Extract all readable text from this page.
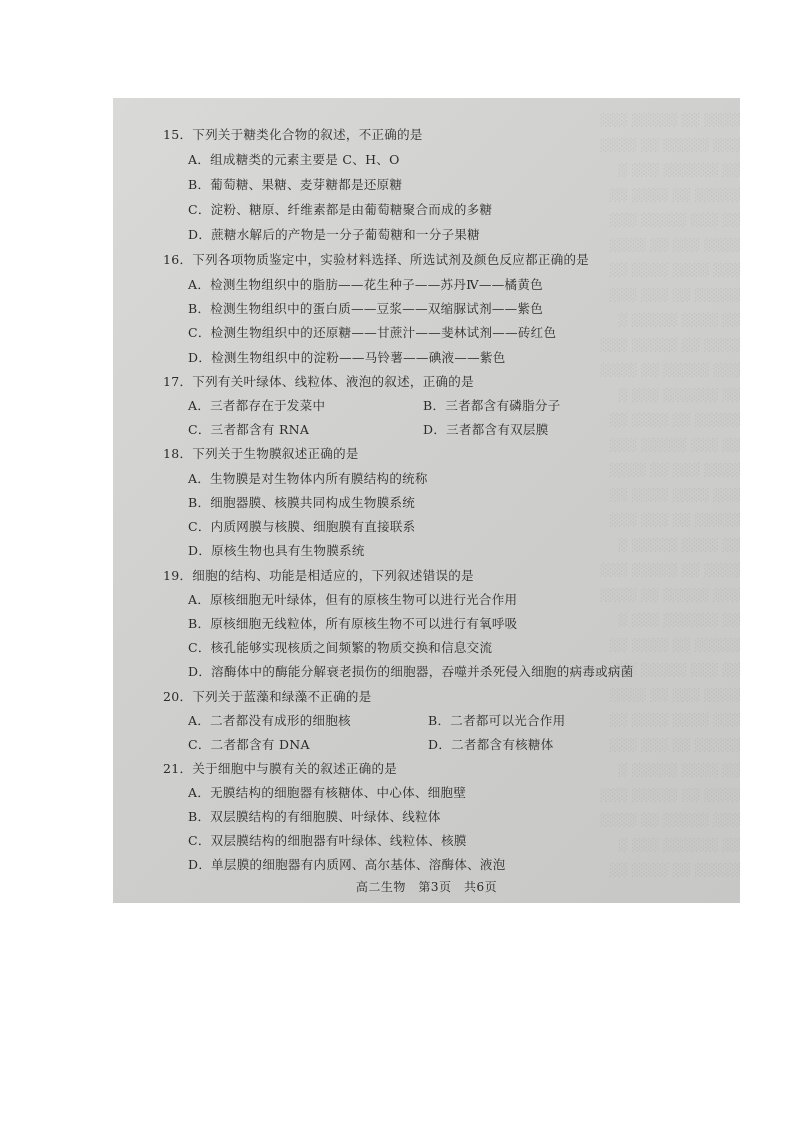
░░░░ ░░ ░░░░░ ░░░
░░░ ░░░░░ ░░ ░░░░
░░ ░░░░░░ ░░░ ░
░░░░░ ░░ ░░░░ ░░
░░ ░░░ ░░░░░ ░░░
░░░░ ░░░ ░░ ░░░░
░░░ ░░░░ ░░░░ ░░
░░░░░ ░░ ░░░ ░░░
░░ ░░░░ ░░░░░ ░
░░░░ ░░ ░░░░░ ░░░
░░░ ░░░░░ ░░ ░░░░
░░ ░░░░░░ ░░░ ░
░░░░░ ░░ ░░░░ ░░
░░ ░░░ ░░░░░ ░░░
░░░░ ░░░ ░░ ░░░░
░░░ ░░░░ ░░░░ ░░
░░░░░ ░░ ░░░ ░░░
░░ ░░░░ ░░░░░ ░
░░░░ ░░ ░░░░░ ░░░
░░░ ░░░░░ ░░ ░░░░
░░ ░░░░░░ ░░░ ░
░░░░░ ░░ ░░░░ ░░
░░ ░░░ ░░░░░ ░░░
░░░░ ░░░ ░░ ░░░░
░░░ ░░░░ ░░░░ ░░
░░░░░ ░░ ░░░ ░░░
░░ ░░░░ ░░░░░ ░
░░░░ ░░ ░░░░░ ░░░
░░░ ░░░░░ ░░ ░░░░
░░ ░░░░░░ ░░░ ░
░░░░░ ░░ ░░░░ ░░
15．下列关于糖类化合物的叙述，不正确的是
A．组成糖类的元素主要是 C、H、O
B．葡萄糖、果糖、麦芽糖都是还原糖
C．淀粉、糖原、纤维素都是由葡萄糖聚合而成的多糖
D．蔗糖水解后的产物是一分子葡萄糖和一分子果糖
16．下列各项物质鉴定中，实验材料选择、所选试剂及颜色反应都正确的是
A．检测生物组织中的脂肪——花生种子——苏丹Ⅳ——橘黄色
B．检测生物组织中的蛋白质——豆浆——双缩脲试剂——紫色
C．检测生物组织中的还原糖——甘蔗汁——斐林试剂——砖红色
D．检测生物组织中的淀粉——马铃薯——碘液——紫色
17．下列有关叶绿体、线粒体、液泡的叙述，正确的是
A．三者都存在于发菜中	B．三者都含有磷脂分子
C．三者都含有 RNA	D．三者都含有双层膜
18．下列关于生物膜叙述正确的是
A．生物膜是对生物体内所有膜结构的统称
B．细胞器膜、核膜共同构成生物膜系统
C．内质网膜与核膜、细胞膜有直接联系
D．原核生物也具有生物膜系统
19．细胞的结构、功能是相适应的，下列叙述错误的是
A．原核细胞无叶绿体，但有的原核生物可以进行光合作用
B．原核细胞无线粒体，所有原核生物不可以进行有氧呼吸
C．核孔能够实现核质之间频繁的物质交换和信息交流
D．溶酶体中的酶能分解衰老损伤的细胞器，吞噬并杀死侵入细胞的病毒或病菌
20．下列关于蓝藻和绿藻不正确的是
A．二者都没有成形的细胞核	B．二者都可以光合作用
C．二者都含有 DNA	D．二者都含有核糖体
21．关于细胞中与膜有关的叙述正确的是
A．无膜结构的细胞器有核糖体、中心体、细胞壁
B．双层膜结构的有细胞膜、叶绿体、线粒体
C．双层膜结构的细胞器有叶绿体、线粒体、核膜
D．单层膜的细胞器有内质网、高尔基体、溶酶体、液泡
高二生物　第3页　共6页
